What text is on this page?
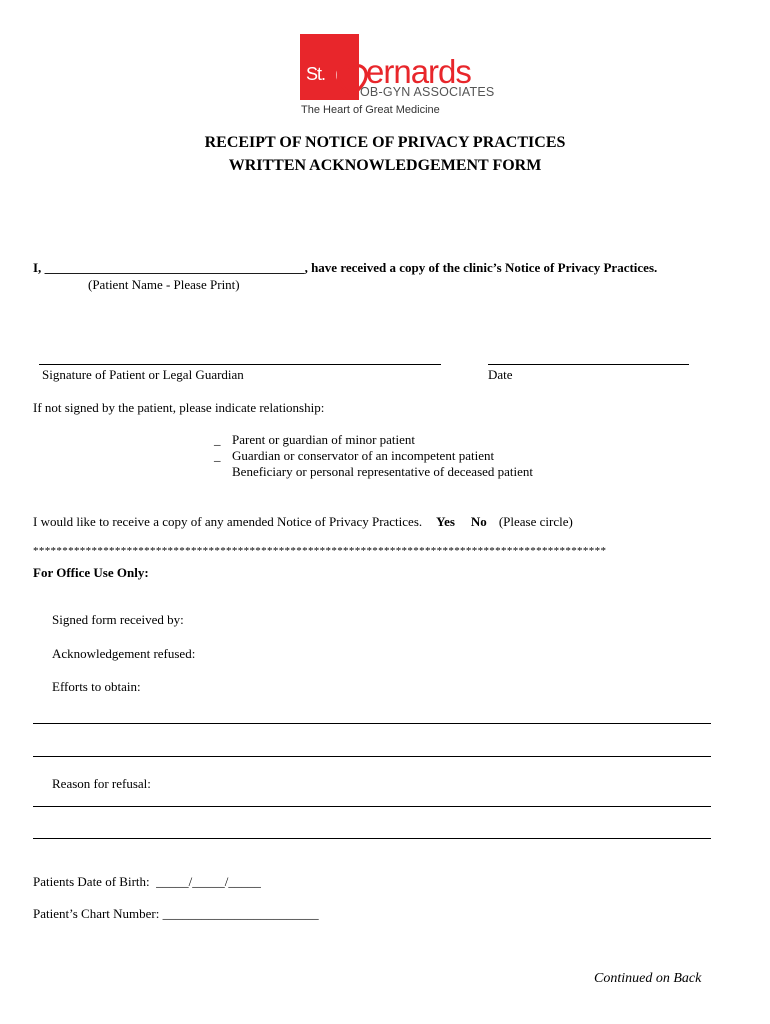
St. ernards
OB-GYN ASSOCIATES
The Heart of Great Medicine
RECEIPT OF NOTICE OF PRIVACY PRACTICES
WRITTEN ACKNOWLEDGEMENT FORM
I, ________________________________________, have received a copy of the clinic’s Notice of Privacy Practices.
(Patient Name - Please Print)
Signature of Patient or Legal Guardian	Date
If not signed by the patient, please indicate relationship:
_ Parent or guardian of minor patient
_ Guardian or conservator of an incompetent patient
Beneficiary or personal representative of deceased patient
I would like to receive a copy of any amended Notice of Privacy Practices. Yes No (Please circle)
**************************************************************************************************
For Office Use Only:
Signed form received by:
Acknowledgement refused:
Efforts to obtain:
Reason for refusal:
Patients Date of Birth: _____/_____/_____
Patient’s Chart Number: ________________________
Continued on Back
